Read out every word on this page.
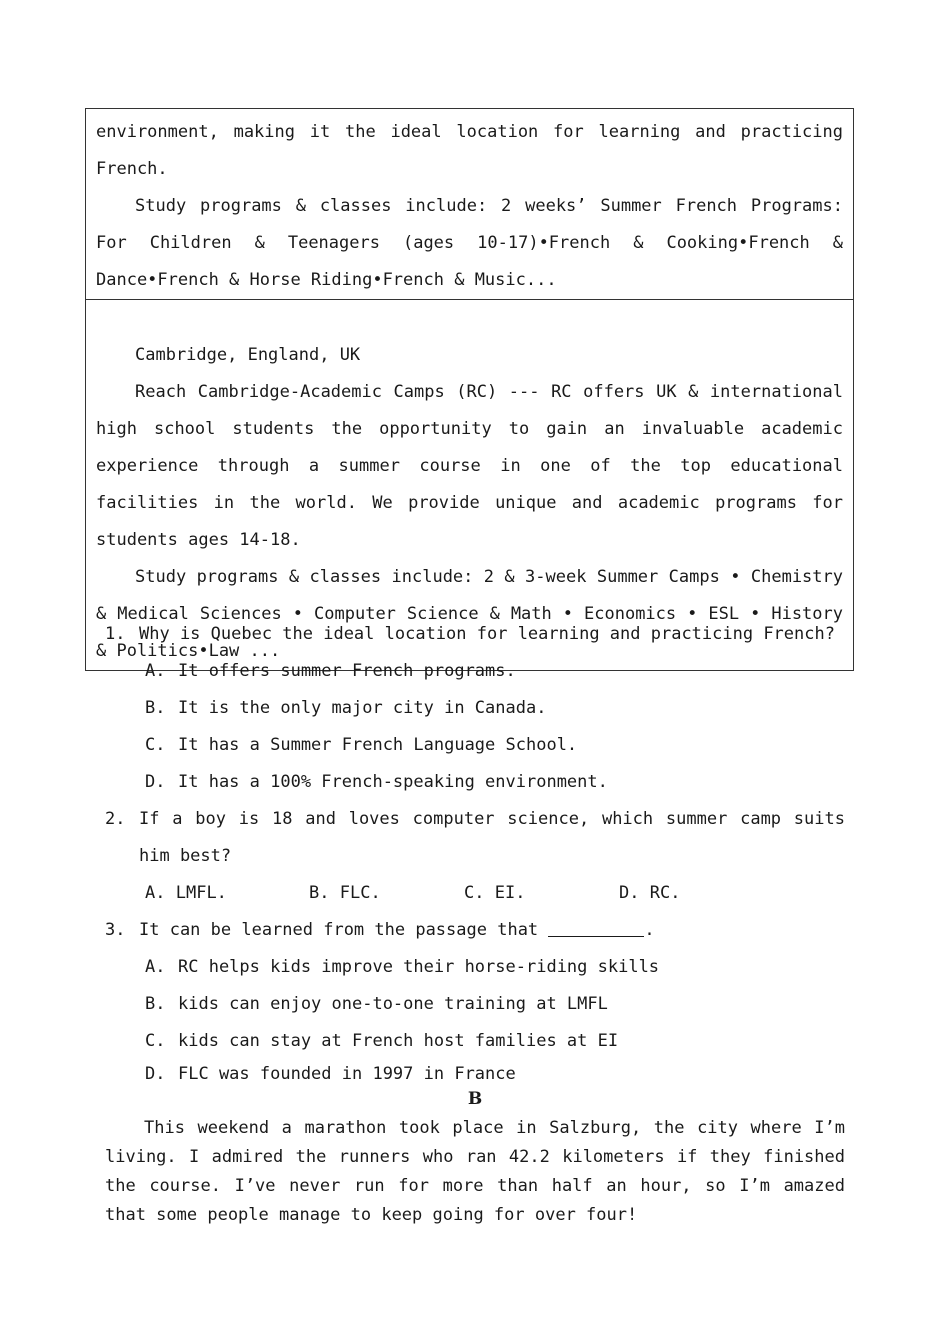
environment, making it the ideal location for learning and practicing French.

Study programs & classes include: 2 weeks’ Summer French Programs: For Children & Teenagers (ages 10-17)•French & Cooking•French & Dance•French & Horse Riding•French & Music...

Cambridge, England, UK

Reach Cambridge-Academic Camps (RC) --- RC offers UK & international high school students the opportunity to gain an invaluable academic experience through a summer course in one of the top educational facilities in the world. We provide unique and academic programs for students ages 14-18.

Study programs & classes include: 2 & 3-week Summer Camps • Chemistry & Medical Sciences • Computer Science & Math • Economics • ESL • History & Politics•Law ...

1. Why is Quebec the ideal location for learning and practicing French?
A. It offers summer French programs.
B. It is the only major city in Canada.
C. It has a Summer French Language School.
D. It has a 100% French-speaking environment.
2. If a boy is 18 and loves computer science, which summer camp suits him best?
A. LMFL.	B. FLC.	C. EI.	D. RC.
3. It can be learned from the passage that	.
A. RC helps kids improve their horse-riding skills
B. kids can enjoy one-to-one training at LMFL
C. kids can stay at French host families at EI
D. FLC was founded in 1997 in France
B

This weekend a marathon took place in Salzburg, the city where I’m living. I admired the runners who ran 42.2 kilometers if they finished the course. I’ve never run for more than half an hour, so I’m amazed that some people manage to keep going for over four!
